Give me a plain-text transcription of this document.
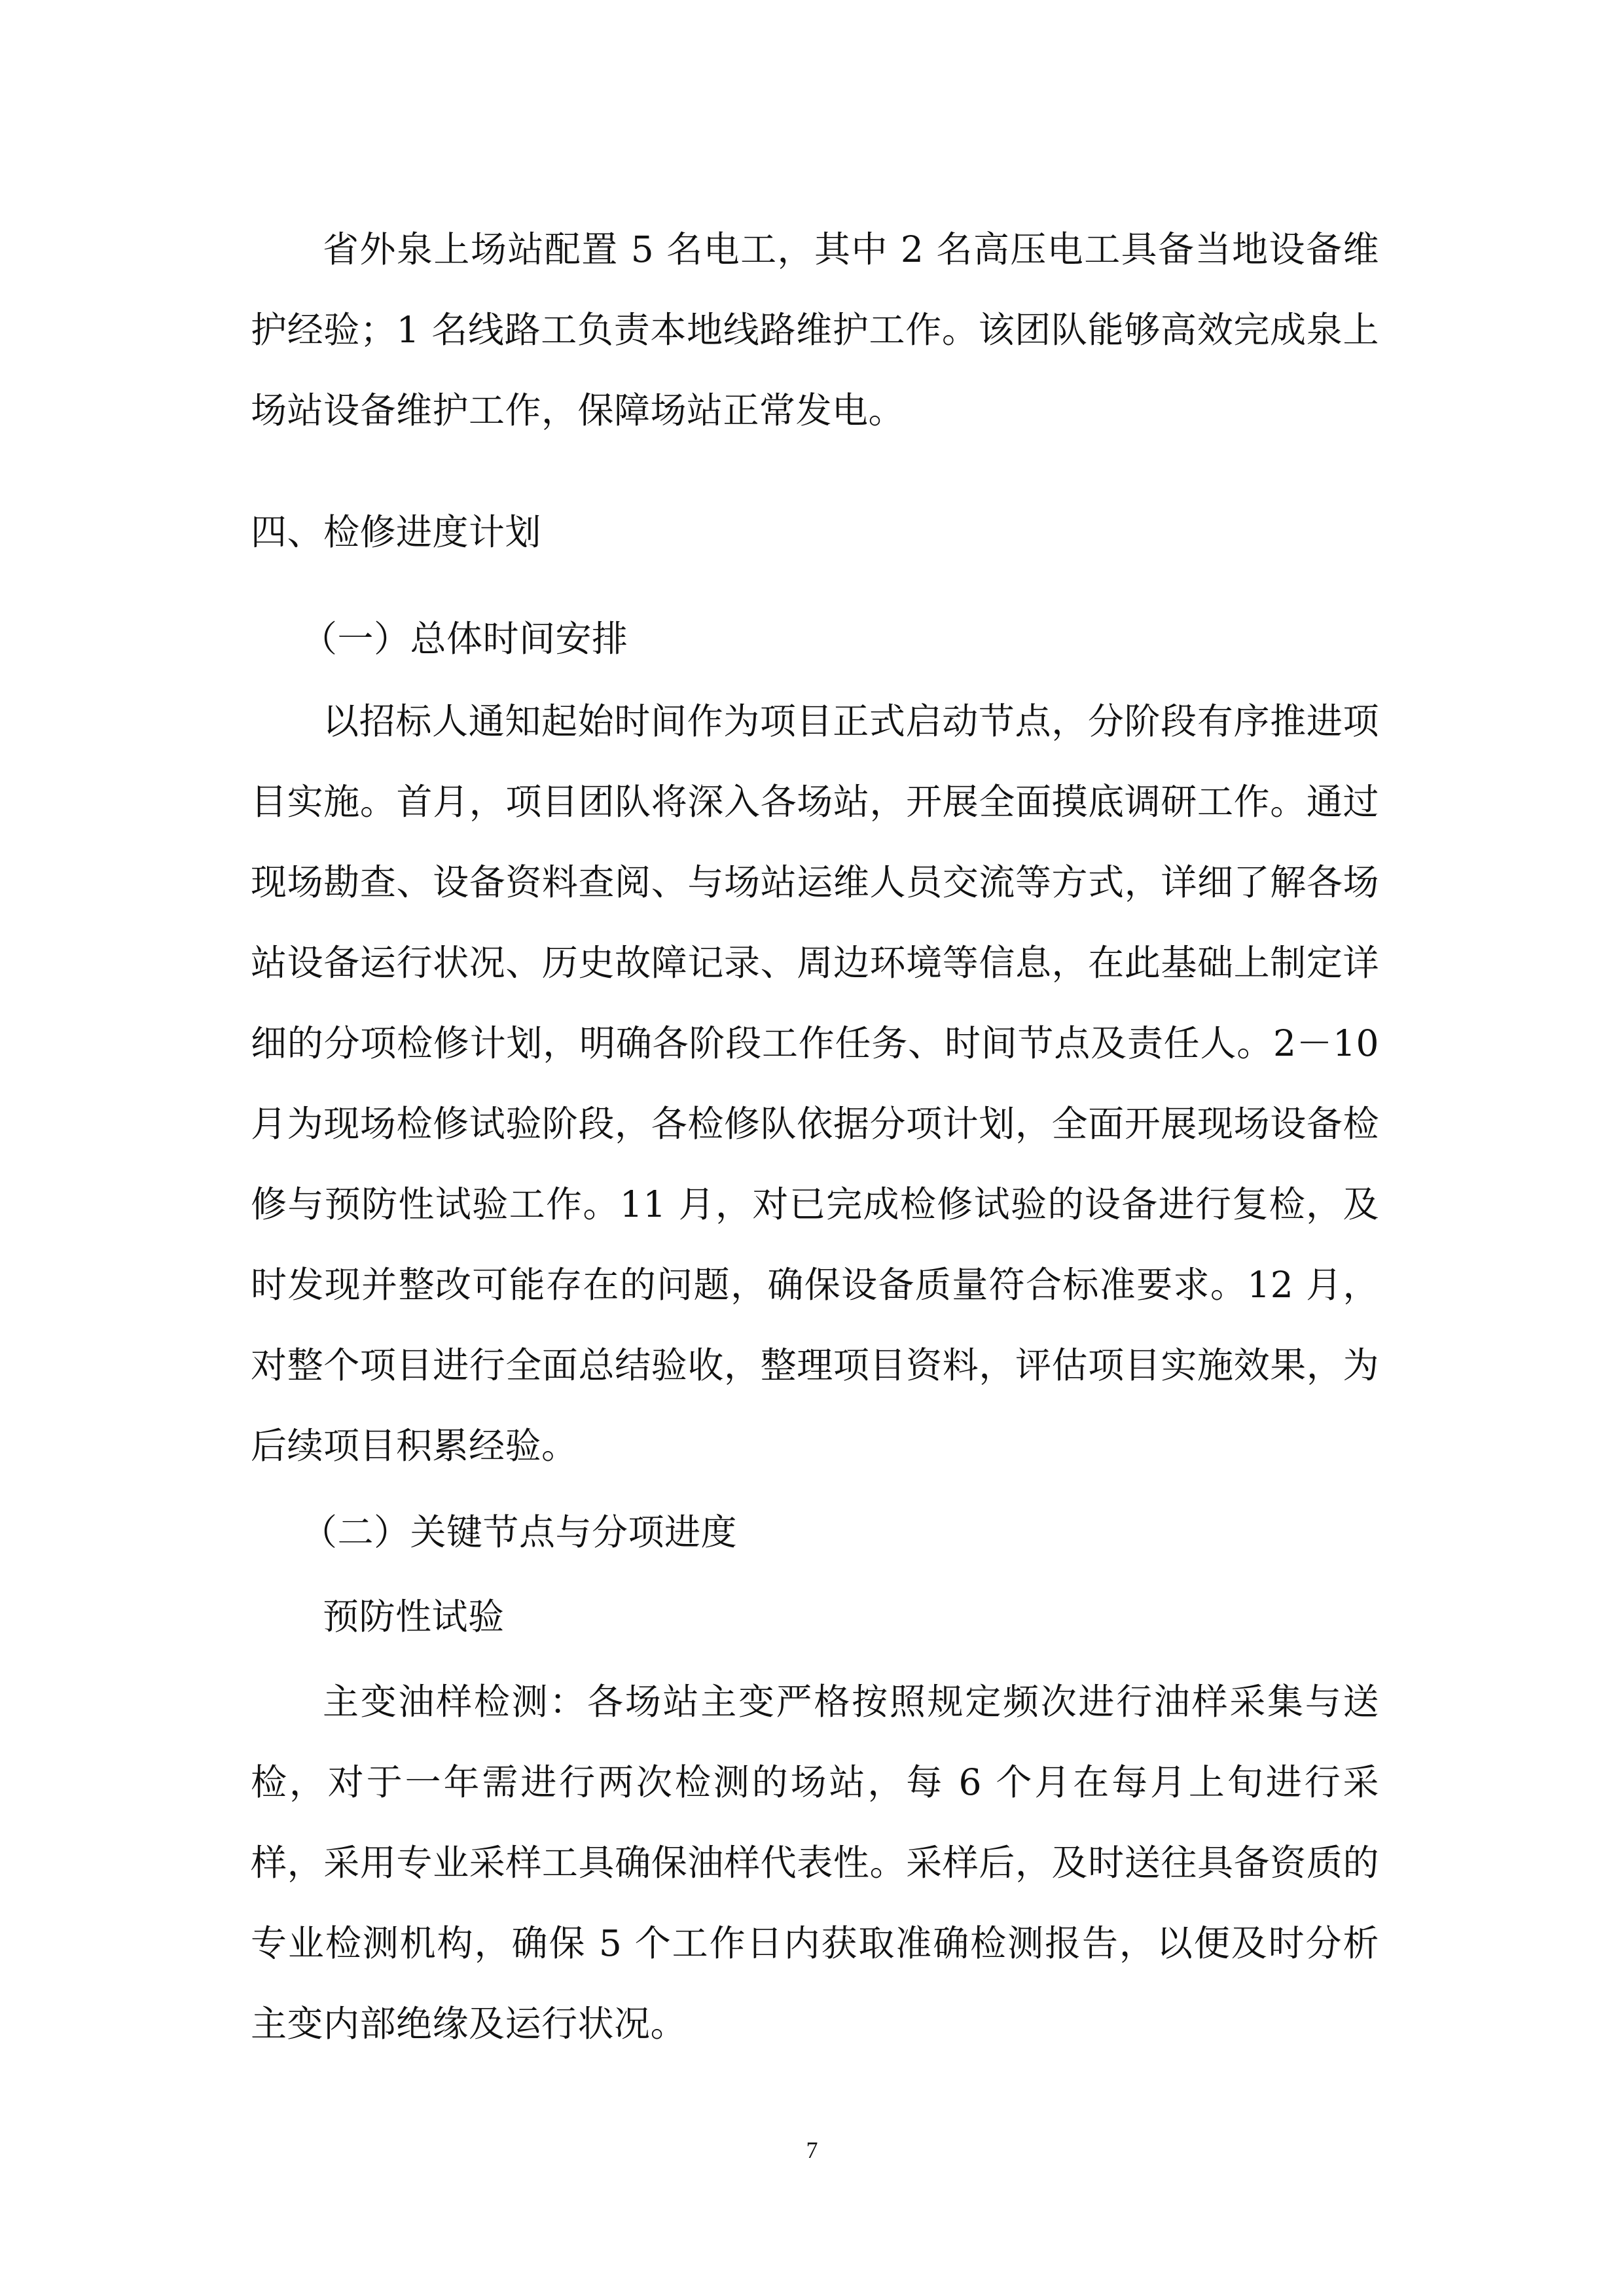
省外泉上场站配置 5 名电工，其中 2 名高压电工具备当地设备维护经验；1 名线路工负责本地线路维护工作。该团队能够高效完成泉上场站设备维护工作，保障场站正常发电。

四、检修进度计划
（一）总体时间安排

以招标人通知起始时间作为项目正式启动节点，分阶段有序推进项目实施。首月，项目团队将深入各场站，开展全面摸底调研工作。通过现场勘查、设备资料查阅、与场站运维人员交流等方式，详细了解各场站设备运行状况、历史故障记录、周边环境等信息，在此基础上制定详细的分项检修计划，明确各阶段工作任务、时间节点及责任人。2－10 月为现场检修试验阶段，各检修队依据分项计划，全面开展现场设备检修与预防性试验工作。11 月，对已完成检修试验的设备进行复检，及时发现并整改可能存在的问题，确保设备质量符合标准要求。12 月，对整个项目进行全面总结验收，整理项目资料，评估项目实施效果，为后续项目积累经验。

（二）关键节点与分项进度
预防性试验

主变油样检测：各场站主变严格按照规定频次进行油样采集与送检，对于一年需进行两次检测的场站，每 6 个月在每月上旬进行采样，采用专业采样工具确保油样代表性。采样后，及时送往具备资质的专业检测机构，确保 5 个工作日内获取准确检测报告，以便及时分析主变内部绝缘及运行状况。

7
